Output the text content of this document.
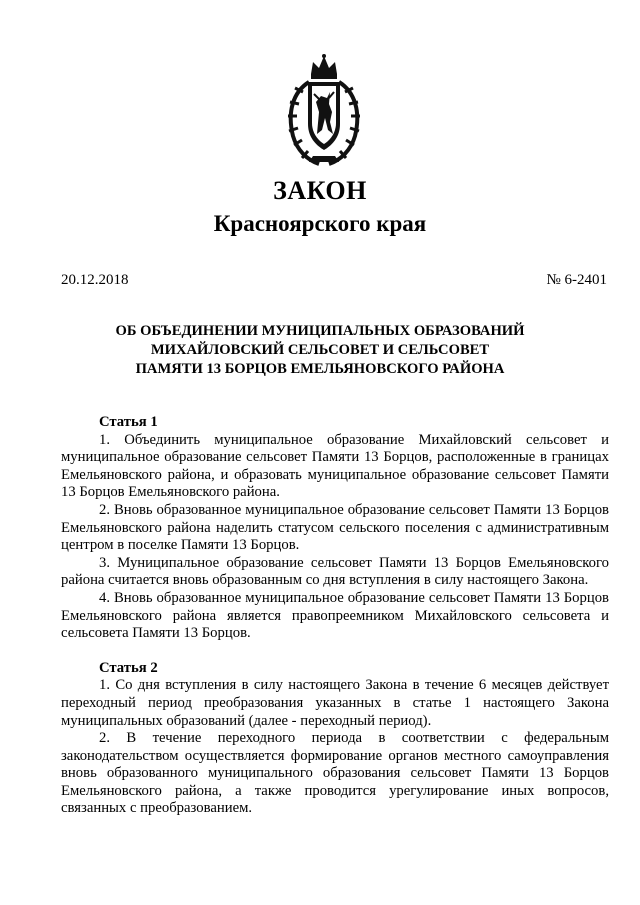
ЗАКОН
Красноярского края
20.12.2018	№ 6-2401
ОБ ОБЪЕДИНЕНИИ МУНИЦИПАЛЬНЫХ ОБРАЗОВАНИЙ
МИХАЙЛОВСКИЙ СЕЛЬСОВЕТ И СЕЛЬСОВЕТ
ПАМЯТИ 13 БОРЦОВ ЕМЕЛЬЯНОВСКОГО РАЙОНА

Статья 1

1. Объединить муниципальное образование Михайловский сельсовет и муниципальное образование сельсовет Памяти 13 Борцов, расположенные в границах Емельяновского района, и образовать муниципальное образование сельсовет Памяти 13 Борцов Емельяновского района.

2. Вновь образованное муниципальное образование сельсовет Памяти 13 Борцов Емельяновского района наделить статусом сельского поселения с административным центром в поселке Памяти 13 Борцов.

3. Муниципальное образование сельсовет Памяти 13 Борцов Емельяновского района считается вновь образованным со дня вступления в силу настоящего Закона.

4. Вновь образованное муниципальное образование сельсовет Памяти 13 Борцов Емельяновского района является правопреемником Михайловского сельсовета и сельсовета Памяти 13 Борцов.

Статья 2

1. Со дня вступления в силу настоящего Закона в течение 6 месяцев действует переходный период преобразования указанных в статье 1 настоящего Закона муниципальных образований (далее - переходный период).

2. В течение переходного периода в соответствии с федеральным законодательством осуществляется формирование органов местного самоуправления вновь образованного муниципального образования сельсовет Памяти 13 Борцов Емельяновского района, а также проводится урегулирование иных вопросов, связанных с преобразованием.
